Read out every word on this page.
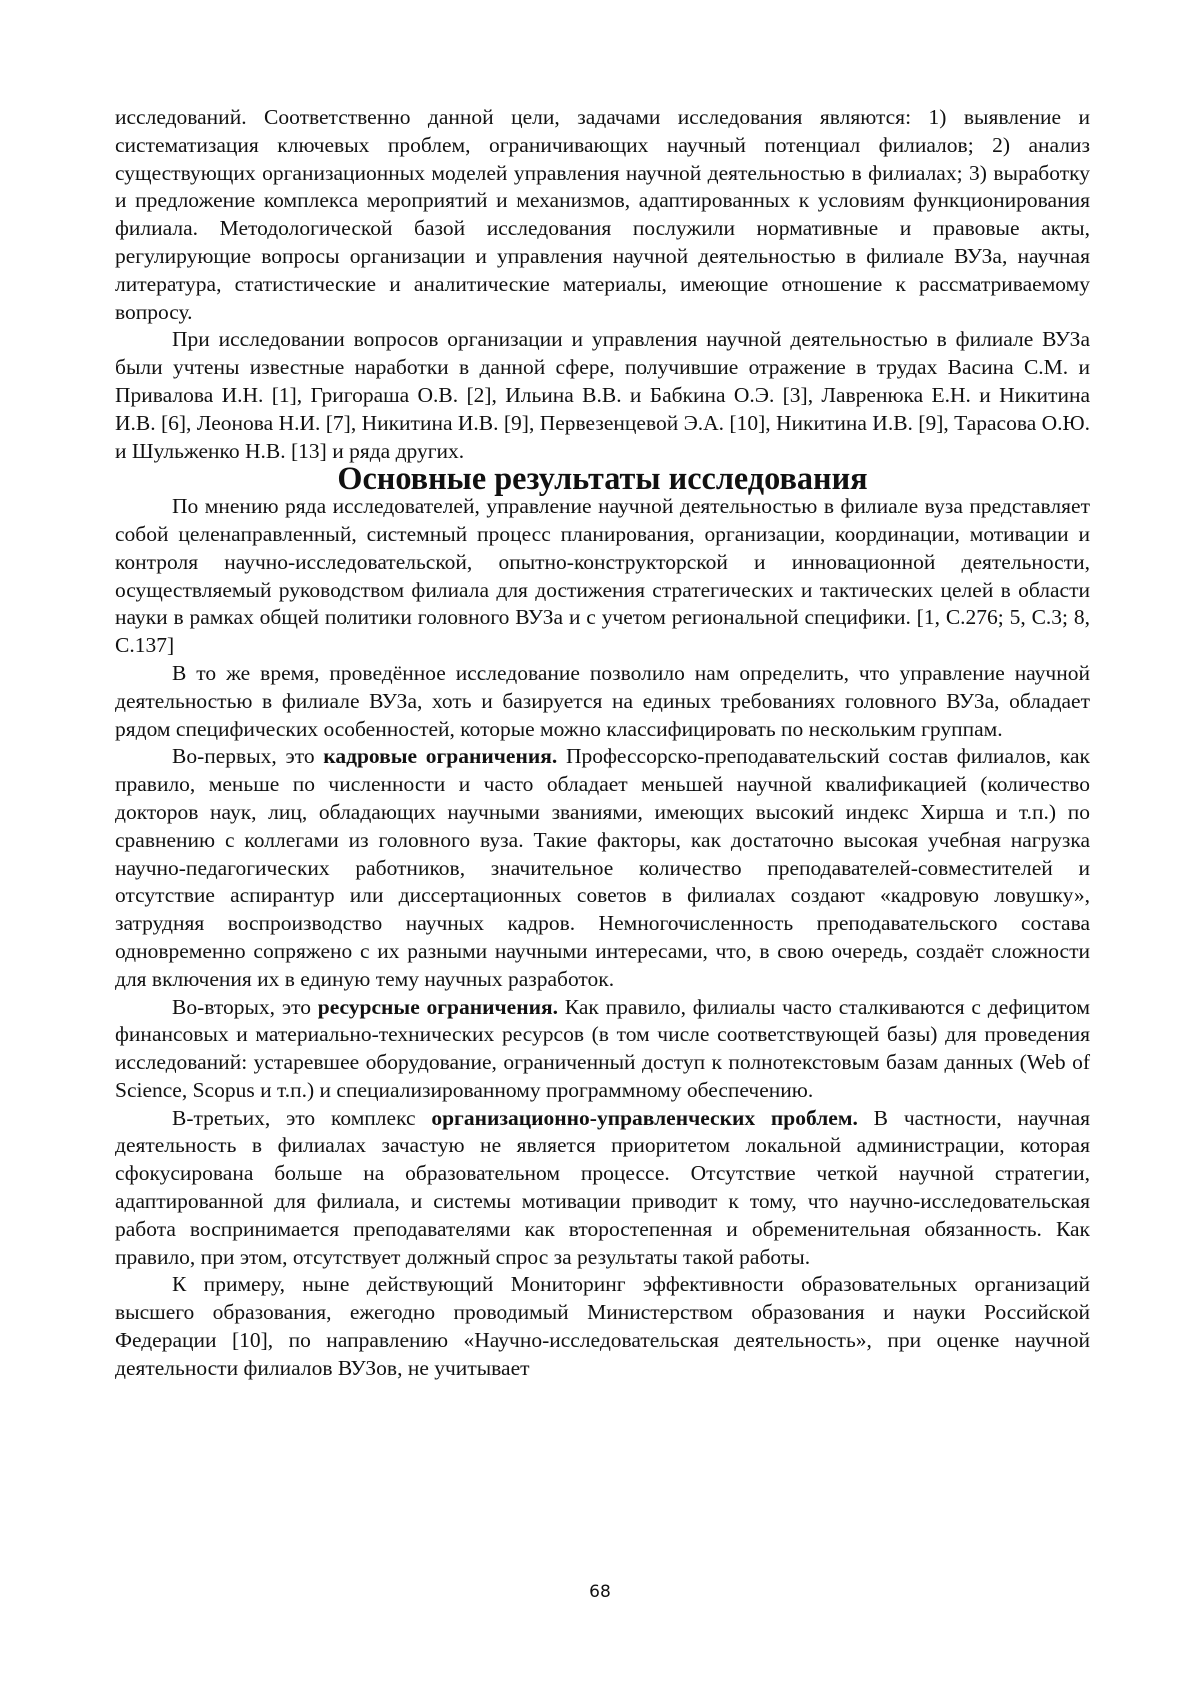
исследований. Соответственно данной цели, задачами исследования являются: 1) выявление и систематизация ключевых проблем, ограничивающих научный потенциал филиалов; 2) анализ существующих организационных моделей управления научной деятельностью в филиалах; 3) выработку и предложение комплекса мероприятий и механизмов, адаптированных к условиям функционирования филиала. Методологической базой исследования послужили нормативные и правовые акты, регулирующие вопросы организации и управления научной деятельностью в филиале ВУЗа, научная литература, статистические и аналитические материалы, имеющие отношение к рассматриваемому вопросу.

При исследовании вопросов организации и управления научной деятельностью в филиале ВУЗа были учтены известные наработки в данной сфере, получившие отражение в трудах Васина С.М. и Привалова И.Н. [1], Григораша О.В. [2], Ильина В.В. и Бабкина О.Э. [3], Лавренюка Е.Н. и Никитина И.В. [6], Леонова Н.И. [7], Никитина И.В. [9], Первезенцевой Э.А. [10], Никитина И.В. [9], Тарасова О.Ю. и Шульженко Н.В. [13] и ряда других.

Основные результаты исследования

По мнению ряда исследователей, управление научной деятельностью в филиале вуза представляет собой целенаправленный, системный процесс планирования, организации, координации, мотивации и контроля научно-исследовательской, опытно-конструкторской и инновационной деятельности, осуществляемый руководством филиала для достижения стратегических и тактических целей в области науки в рамках общей политики головного ВУЗа и с учетом региональной специфики. [1, С.276; 5, С.3; 8, С.137]

В то же время, проведённое исследование позволило нам определить, что управление научной деятельностью в филиале ВУЗа, хоть и базируется на единых требованиях головного ВУЗа, обладает рядом специфических особенностей, которые можно классифицировать по нескольким группам.

Во-первых, это кадровые ограничения. Профессорско-преподавательский состав филиалов, как правило, меньше по численности и часто обладает меньшей научной квалификацией (количество докторов наук, лиц, обладающих научными званиями, имеющих высокий индекс Хирша и т.п.) по сравнению с коллегами из головного вуза. Такие факторы, как достаточно высокая учебная нагрузка научно-педагогических работников, значительное количество преподавателей-совместителей и отсутствие аспирантур или диссертационных советов в филиалах создают «кадровую ловушку», затрудняя воспроизводство научных кадров. Немногочисленность преподавательского состава одновременно сопряжено с их разными научными интересами, что, в свою очередь, создаёт сложности для включения их в единую тему научных разработок.

Во-вторых, это ресурсные ограничения. Как правило, филиалы часто сталкиваются с дефицитом финансовых и материально-технических ресурсов (в том числе соответствующей базы) для проведения исследований: устаревшее оборудование, ограниченный доступ к полнотекстовым базам данных (Web of Science, Scopus и т.п.) и специализированному программному обеспечению.

В-третьих, это комплекс организационно-управленческих проблем. В частности, научная деятельность в филиалах зачастую не является приоритетом локальной администрации, которая сфокусирована больше на образовательном процессе. Отсутствие четкой научной стратегии, адаптированной для филиала, и системы мотивации приводит к тому, что научно-исследовательская работа воспринимается преподавателями как второстепенная и обременительная обязанность. Как правило, при этом, отсутствует должный спрос за результаты такой работы.

К примеру, ныне действующий Мониторинг эффективности образовательных организаций высшего образования, ежегодно проводимый Министерством образования и науки Российской Федерации [10], по направлению «Научно-исследовательская деятельность», при оценке научной деятельности филиалов ВУЗов, не учитывает

68
